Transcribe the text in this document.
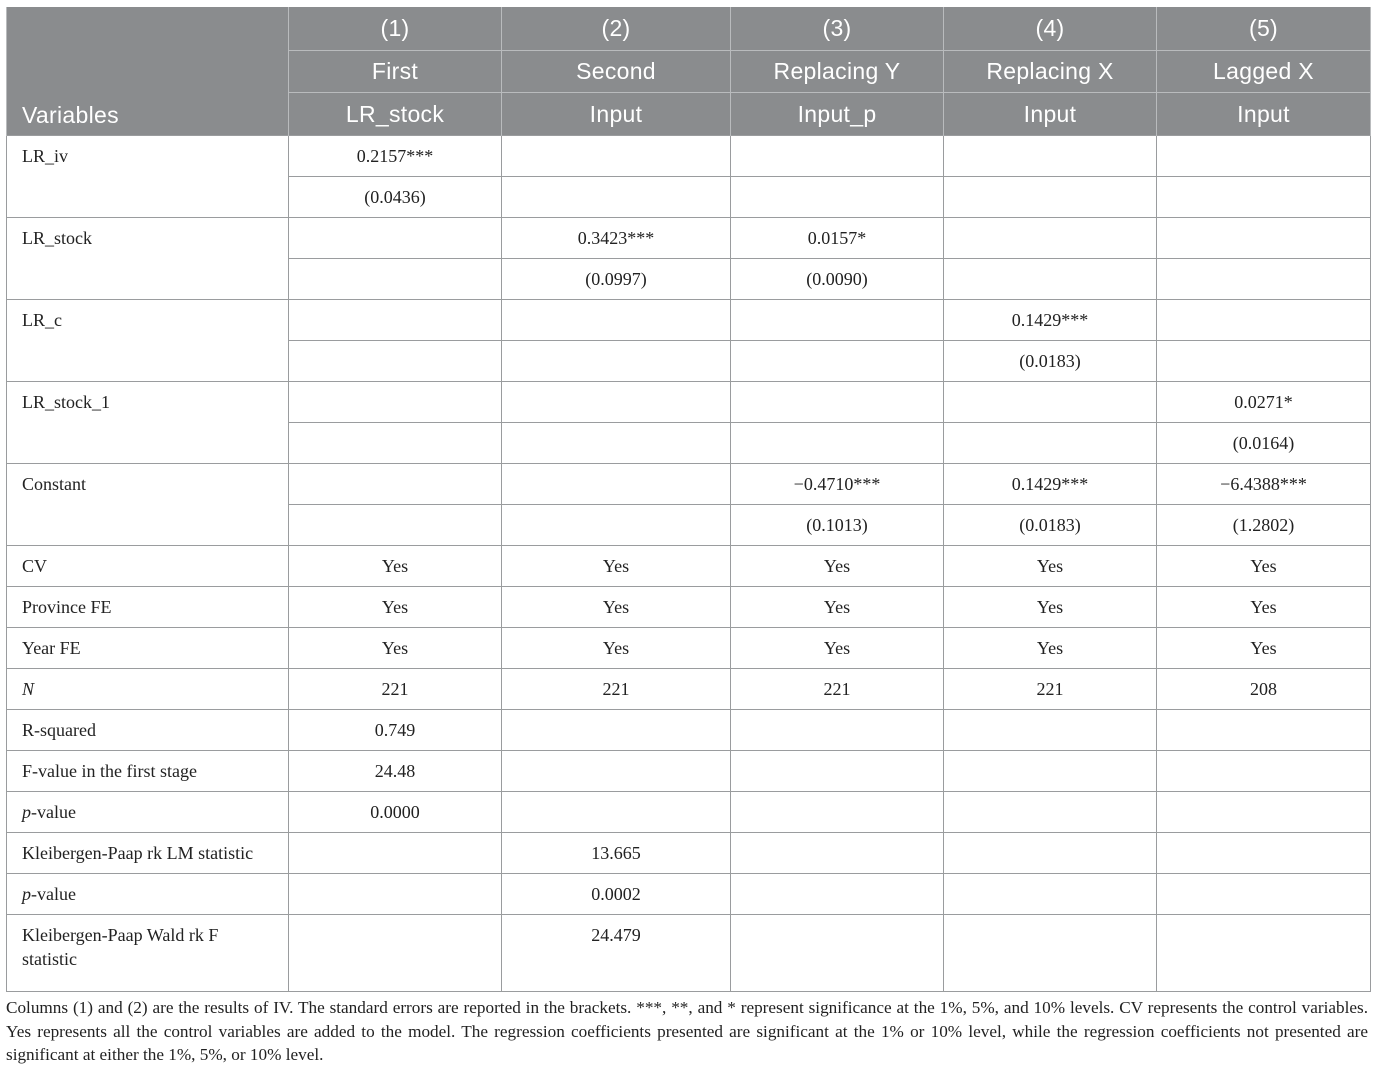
Variables	(1)	(2)	(3)	(4)	(5)
	First	Second	Replacing Y	Replacing X	Lagged X
	LR_stock	Input	Input_p	Input	Input
LR_iv	0.2157***				
	(0.0436)				
LR_stock		0.3423***	0.0157*		
		(0.0997)	(0.0090)		
LR_c				0.1429***	
				(0.0183)	
LR_stock_1					0.0271*
					(0.0164)
Constant			−0.4710***	0.1429***	−6.4388***
			(0.1013)	(0.0183)	(1.2802)
CV	Yes	Yes	Yes	Yes	Yes
Province FE	Yes	Yes	Yes	Yes	Yes
Year FE	Yes	Yes	Yes	Yes	Yes
N	221	221	221	221	208
R-squared	0.749				
F-value in the first stage	24.48				
p-value	0.0000				
Kleibergen-Paap rk LM statistic		13.665			
p-value		0.0002			
Kleibergen-Paap Wald rk F
statistic		24.479			
Columns (1) and (2) are the results of IV. The standard errors are reported in the brackets. ***, **, and * represent significance at the 1%, 5%, and 10% levels. CV represents the control variables. Yes represents all the control variables are added to the model. The regression coefficients presented are significant at the 1% or 10% level, while the regression coefficients not presented are significant at either the 1%, 5%, or 10% level.
